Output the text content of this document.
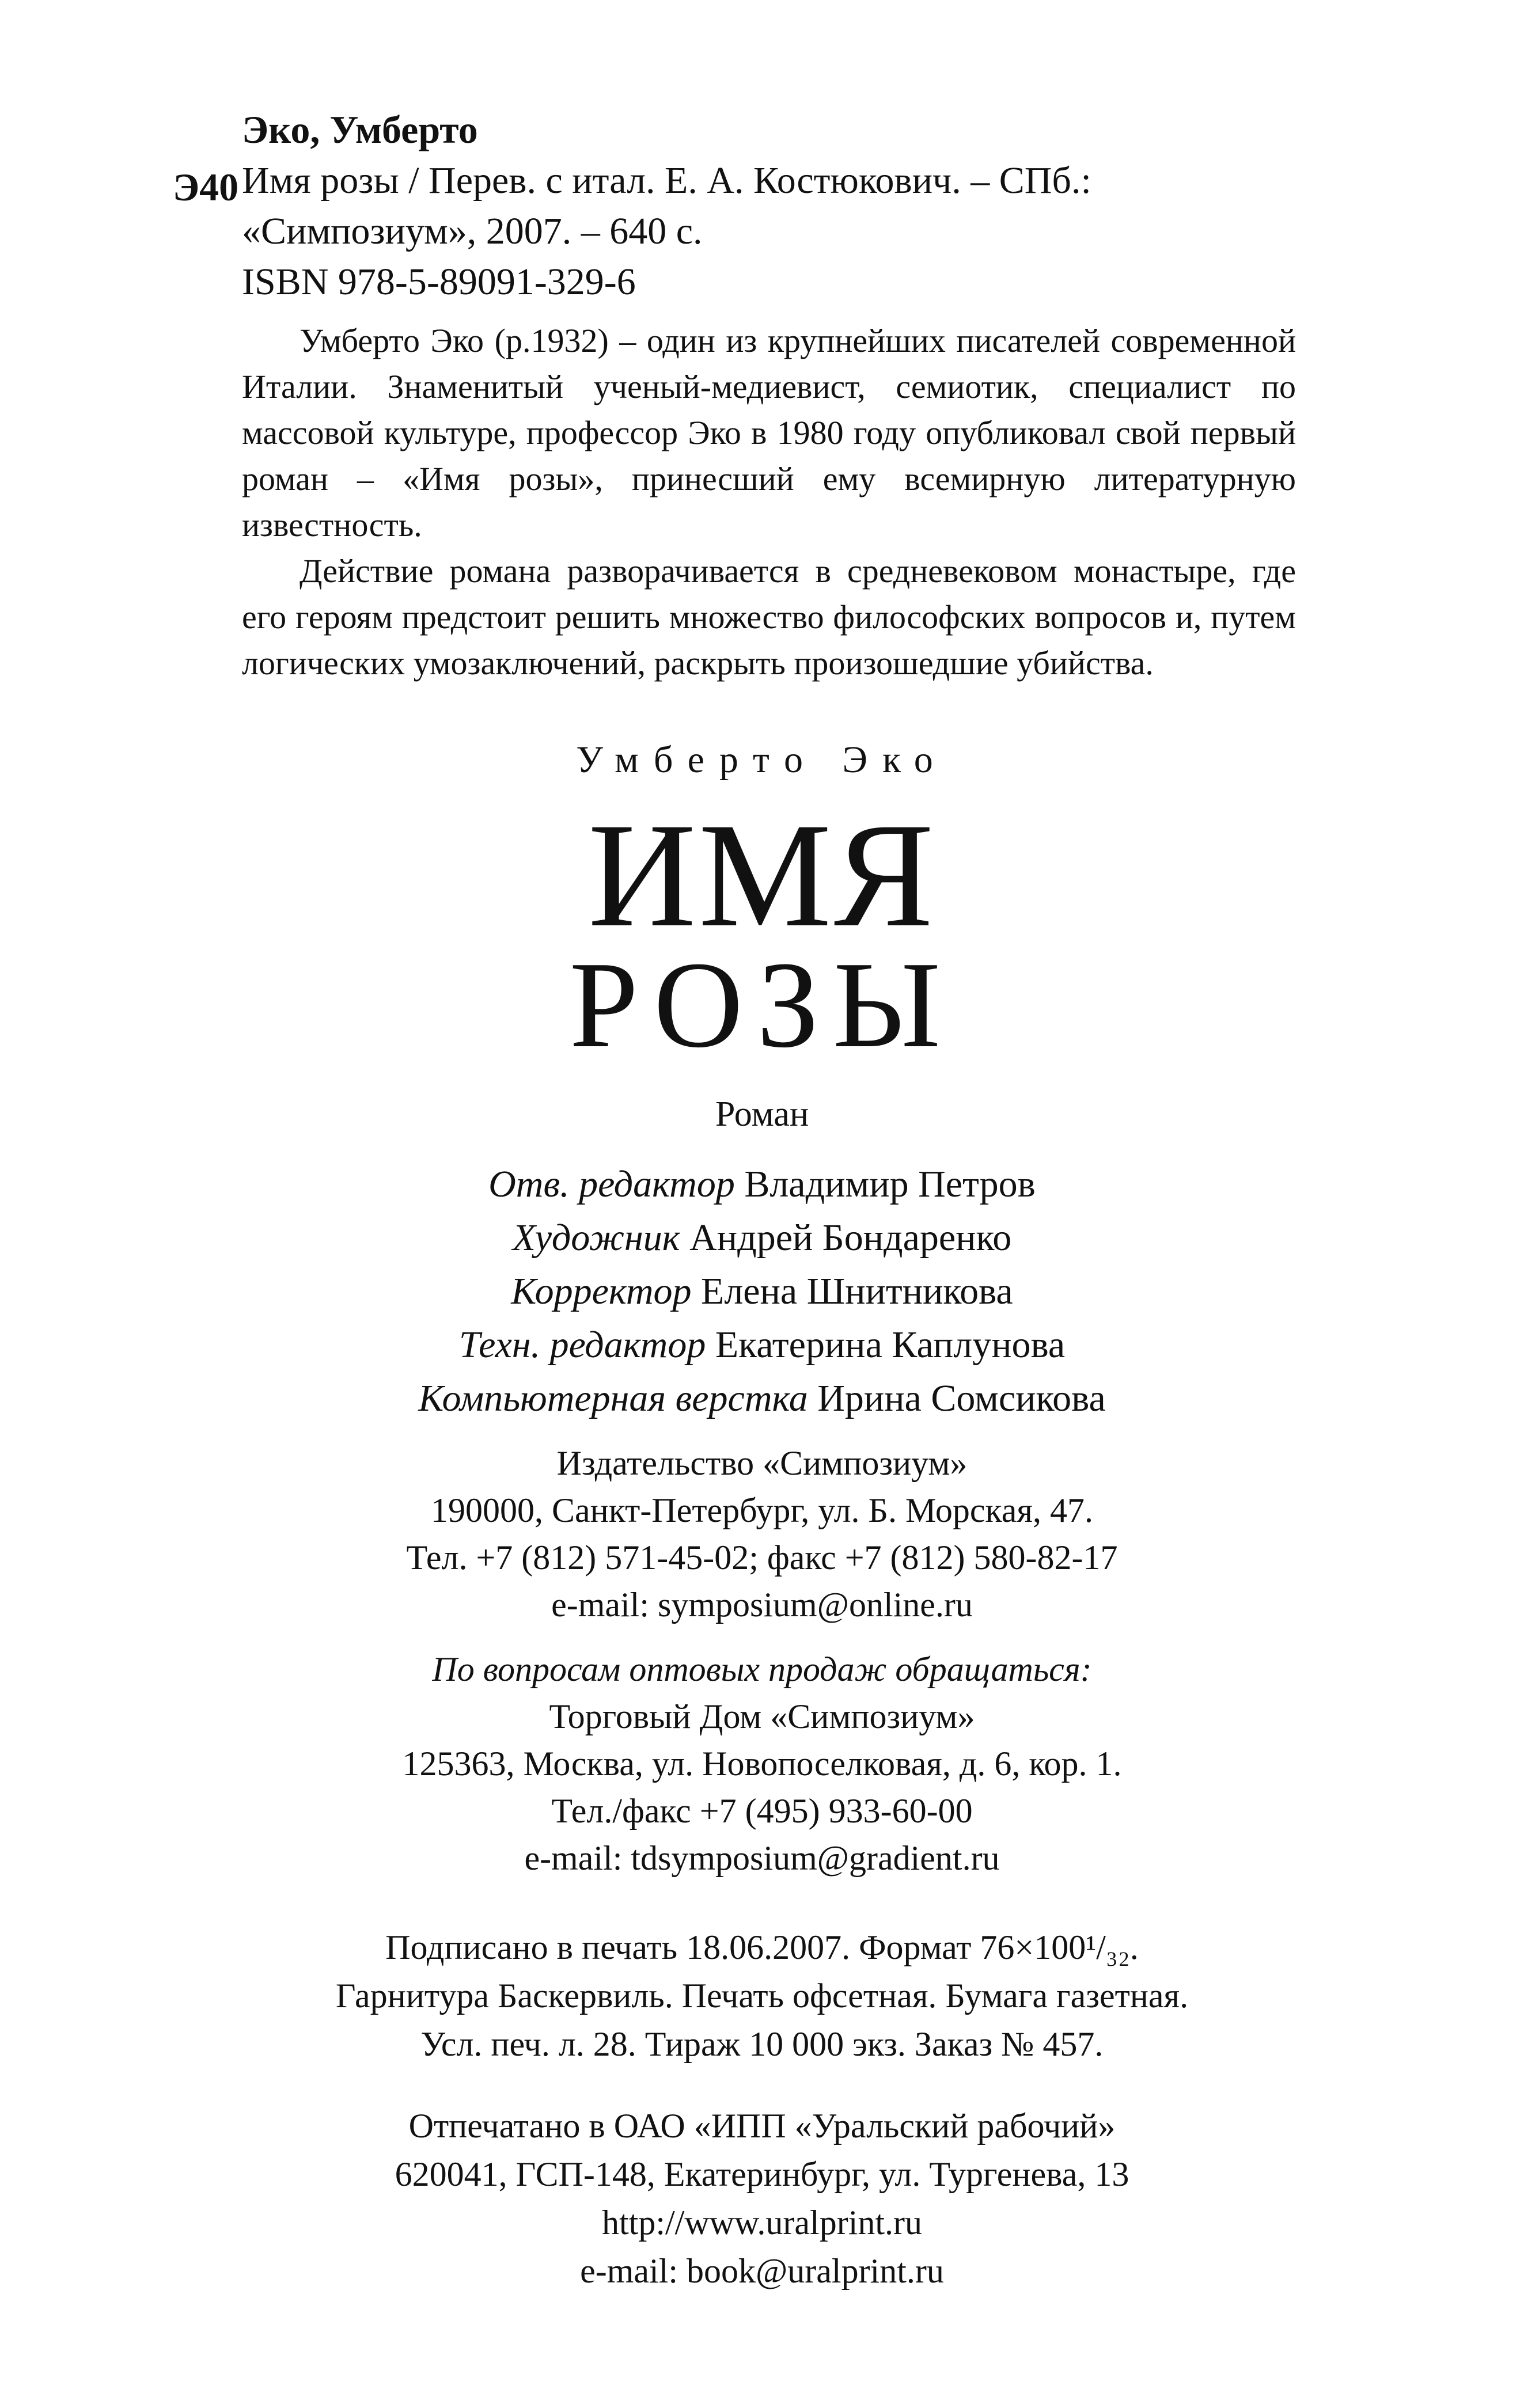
Эко, Умберто

Э40 Имя розы / Перев. с итал. Е. А. Костюкович. – СПб.:

«Симпозиум», 2007. – 640 с.

ISBN 978-5-89091-329-6

Умберто Эко (р.1932) – один из крупнейших писателей современной Италии. Знаменитый ученый-медиевист, семиотик, специалист по массовой культуре, профессор Эко в 1980 году опубликовал свой первый роман – «Имя розы», принесший ему всемирную литературную известность.

Действие романа разворачивается в средневековом монастыре, где его героям предстоит решить множество философских вопросов и, путем логических умозаключений, раскрыть произошедшие убийства.

Умберто Эко
ИМЯ
РОЗЫ
Роман

Отв. редактор Владимир Петров

Художник Андрей Бондаренко

Корректор Елена Шнитникова

Техн. редактор Екатерина Каплунова

Компьютерная верстка Ирина Сомсикова

Издательство «Симпозиум»

190000, Санкт-Петербург, ул. Б. Морская, 47.

Тел. +7 (812) 571-45-02; факс +7 (812) 580-82-17

e-mail: symposium@online.ru

По вопросам оптовых продаж обращаться:

Торговый Дом «Симпозиум»

125363, Москва, ул. Новопоселковая, д. 6, кор. 1.

Тел./факс +7 (495) 933-60-00

e-mail: tdsymposium@gradient.ru

Подписано в печать 18.06.2007. Формат 76×100¹/₃₂.

Гарнитура Баскервиль. Печать офсетная. Бумага газетная.

Усл. печ. л. 28. Тираж 10 000 экз. Заказ № 457.

Отпечатано в ОАО «ИПП «Уральский рабочий»

620041, ГСП-148, Екатеринбург, ул. Тургенева, 13

http://www.uralprint.ru

e-mail: book@uralprint.ru
